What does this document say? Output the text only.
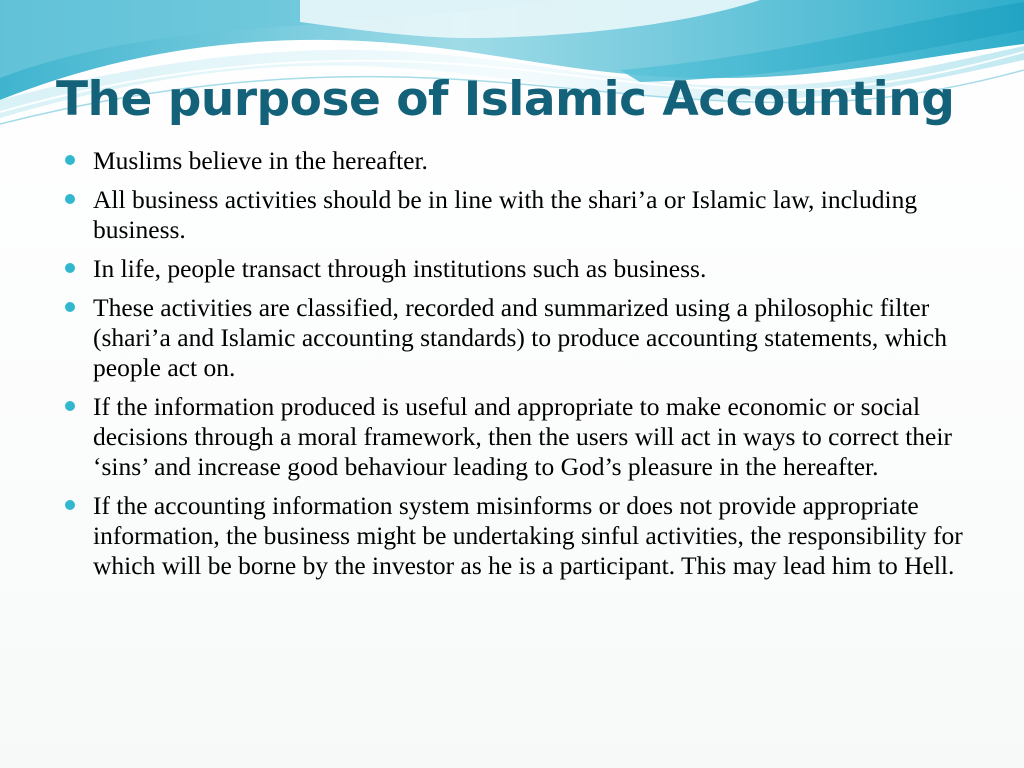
The purpose of Islamic Accounting
Muslims believe in the hereafter.
All business activities should be in line with the shari’a or Islamic law, including business.
In life, people transact through institutions such as business.
These activities are classified, recorded and summarized using a philosophic filter (shari’a and Islamic accounting standards) to produce accounting statements, which people act on.
If the information produced is useful and appropriate to make economic or social decisions through a moral framework, then the users will act in ways to correct their ‘sins’ and increase good behaviour leading to God’s pleasure in the hereafter.
If the accounting information system misinforms or does not provide appropriate information, the business might be undertaking sinful activities, the responsibility for which will be borne by the investor as he is a participant. This may lead him to Hell.
